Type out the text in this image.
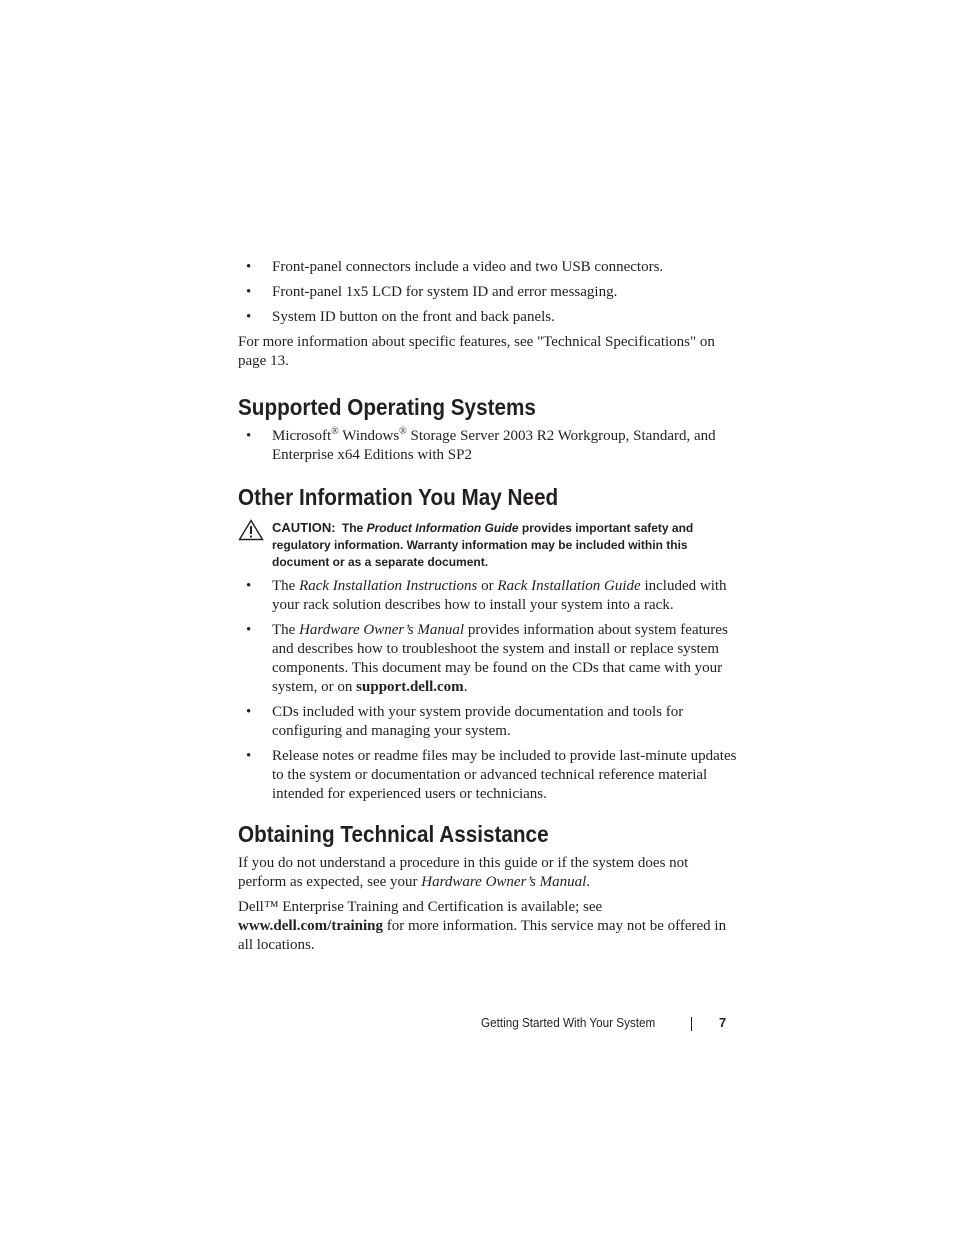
• Front-panel connectors include a video and two USB connectors.
• Front-panel 1x5 LCD for system ID and error messaging.
• System ID button on the front and back panels.

For more information about specific features, see "Technical Specifications" on page 13.

Supported Operating Systems
• Microsoft® Windows® Storage Server 2003 R2 Workgroup, Standard, and Enterprise x64 Editions with SP2
Other Information You May Need
CAUTION: The Product Information Guide provides important safety and regulatory information. Warranty information may be included within this document or as a separate document.
• The Rack Installation Instructions or Rack Installation Guide included with your rack solution describes how to install your system into a rack.
• The Hardware Owner’s Manual provides information about system features and describes how to troubleshoot the system and install or replace system components. This document may be found on the CDs that came with your system, or on support.dell.com.
• CDs included with your system provide documentation and tools for configuring and managing your system.
• Release notes or readme files may be included to provide last-minute updates to the system or documentation or advanced technical reference material intended for experienced users or technicians.
Obtaining Technical Assistance

If you do not understand a procedure in this guide or if the system does not perform as expected, see your Hardware Owner’s Manual.

Dell™ Enterprise Training and Certification is available; see www.dell.com/training for more information. This service may not be offered in all locations.

Getting Started With Your System	7
